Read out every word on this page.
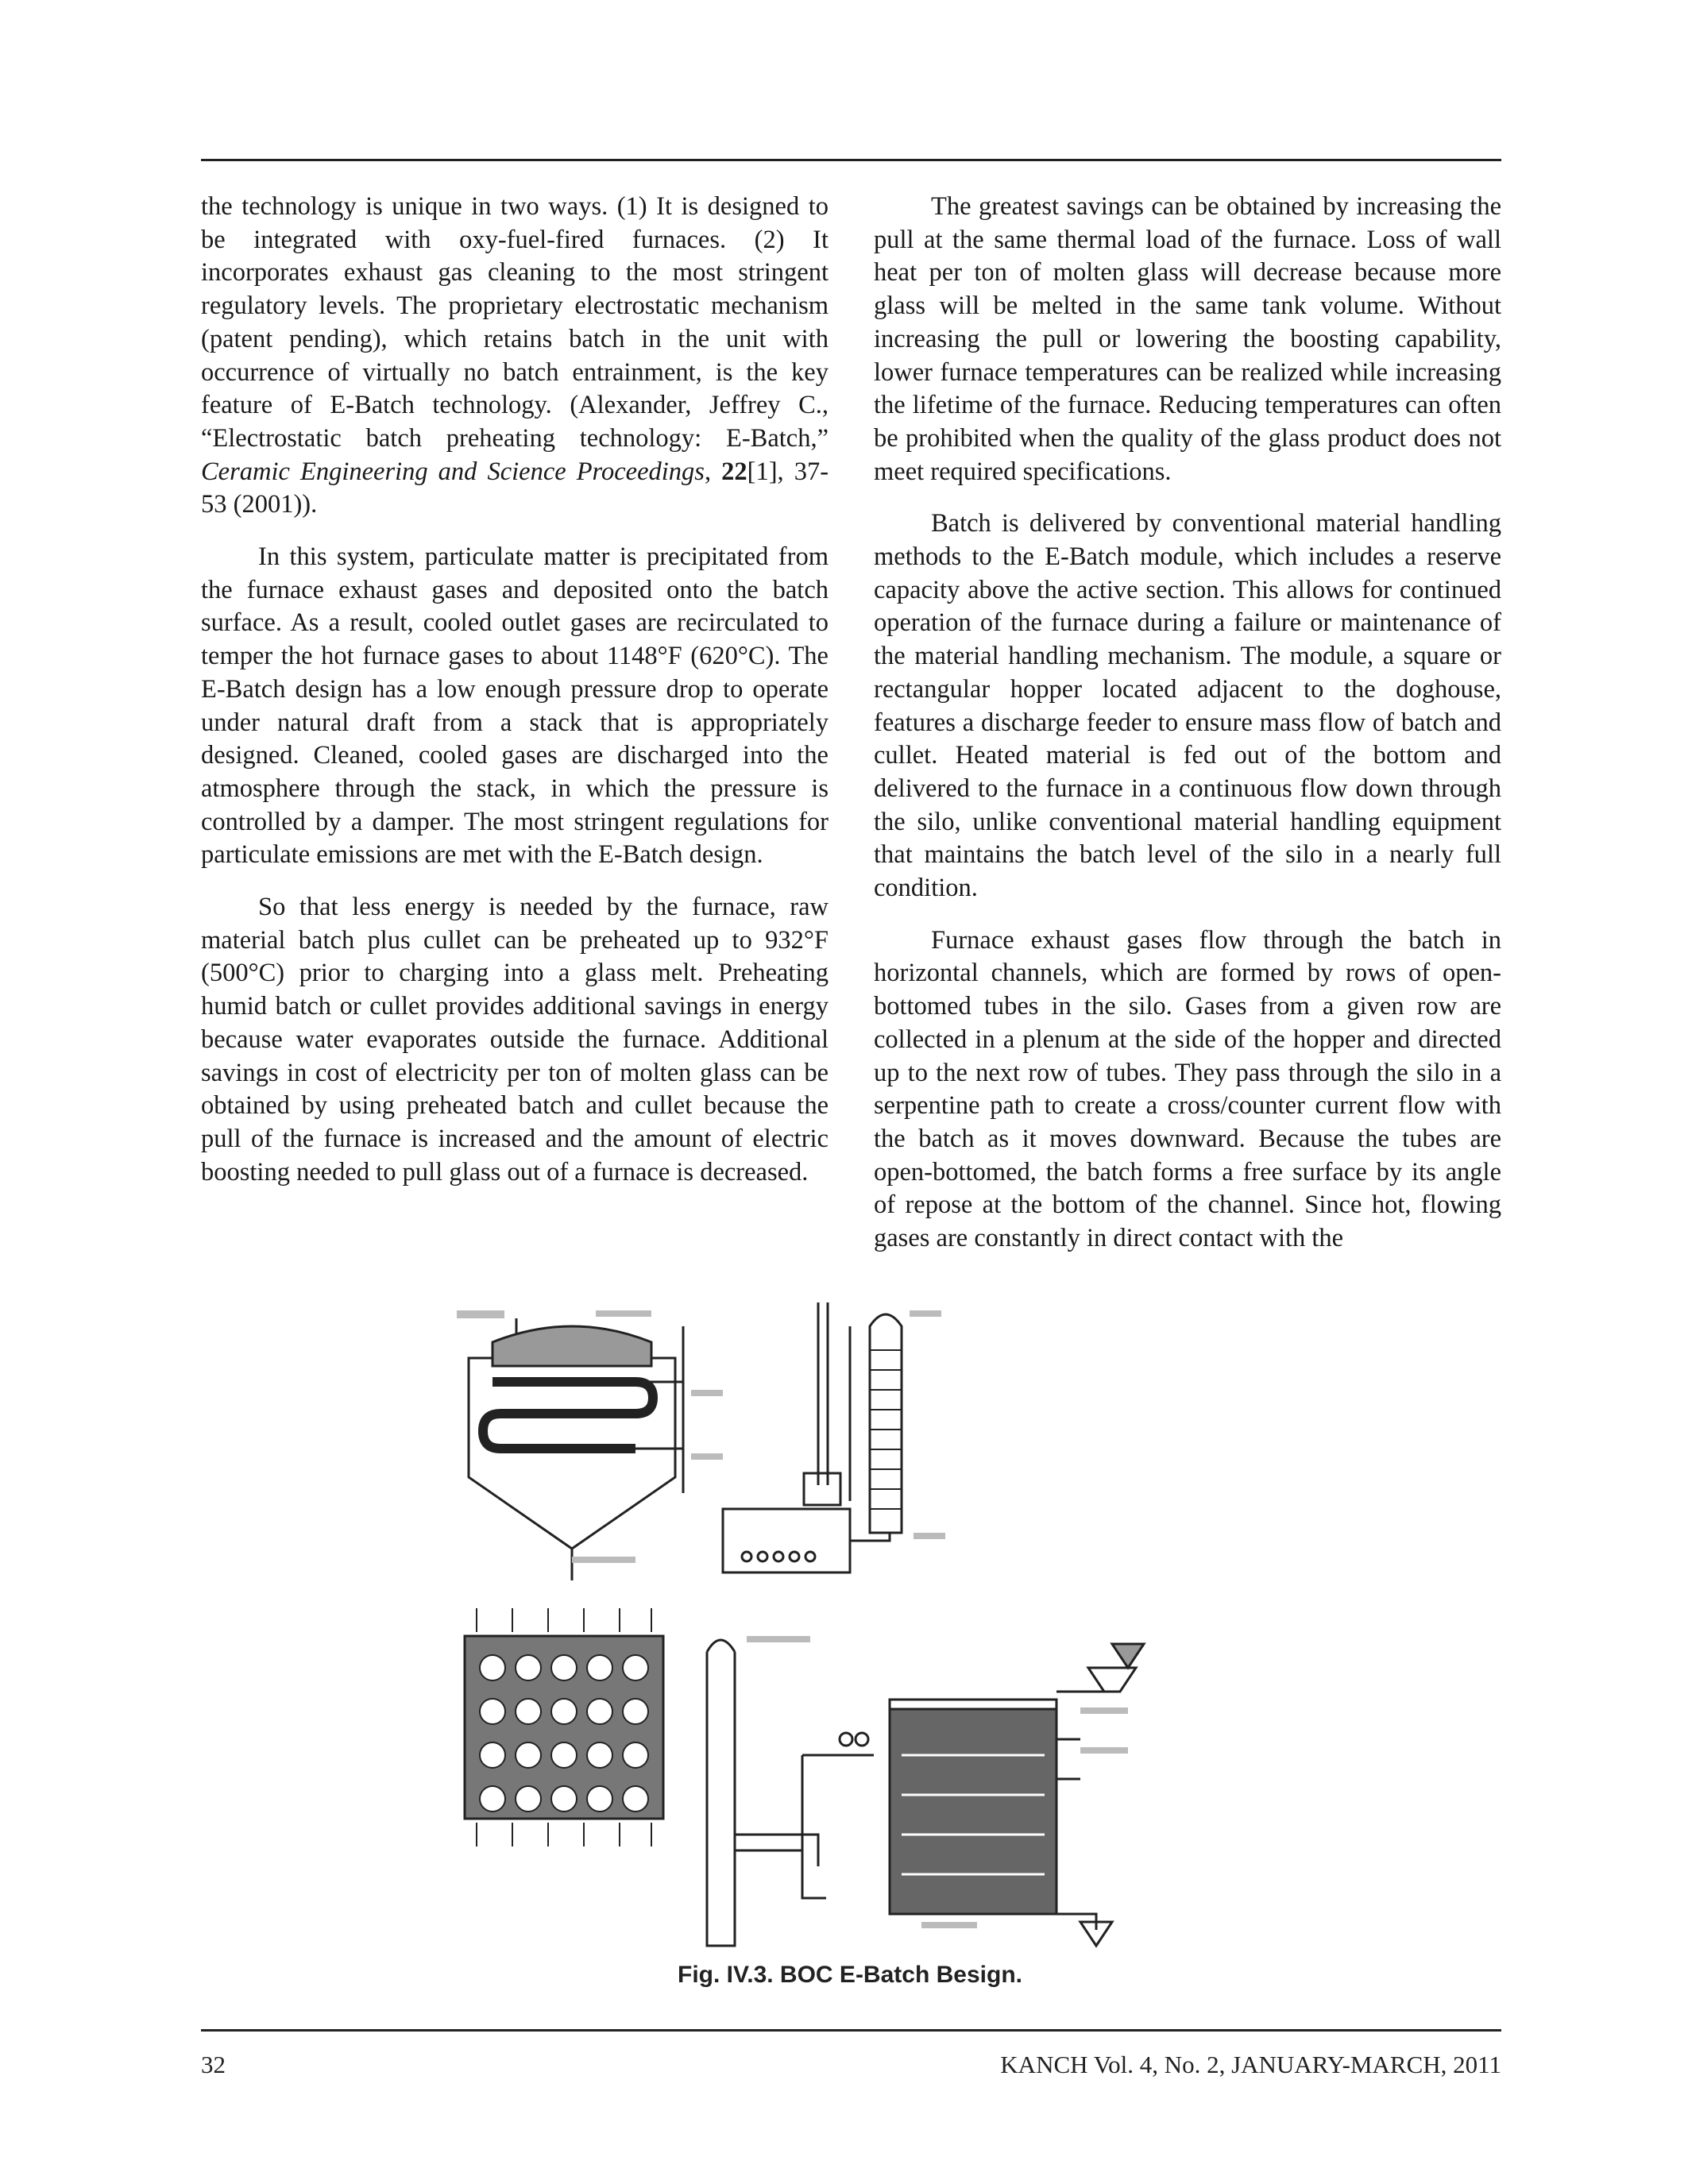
the technology is unique in two ways. (1) It is designed to be integrated with oxy-fuel-fired furnaces. (2) It incorporates exhaust gas cleaning to the most stringent regulatory levels. The proprietary electrostatic mechanism (patent pending), which retains batch in the unit with occurrence of virtually no batch entrainment, is the key feature of E-Batch technology. (Alexander, Jeffrey C., “Electrostatic batch preheating technology: E-Batch,” Ceramic Engineering and Science Proceedings, 22[1], 37-53 (2001)).

In this system, particulate matter is precipitated from the furnace exhaust gases and deposited onto the batch surface. As a result, cooled outlet gases are recirculated to temper the hot furnace gases to about 1148°F (620°C). The E-Batch design has a low enough pressure drop to operate under natural draft from a stack that is appropriately designed. Cleaned, cooled gases are discharged into the atmosphere through the stack, in which the pressure is controlled by a damper. The most stringent regulations for particulate emissions are met with the E-Batch design.

So that less energy is needed by the furnace, raw material batch plus cullet can be preheated up to 932°F (500°C) prior to charging into a glass melt. Preheating humid batch or cullet provides additional savings in energy because water evaporates outside the furnace. Additional savings in cost of electricity per ton of molten glass can be obtained by using preheated batch and cullet because the pull of the furnace is increased and the amount of electric boosting needed to pull glass out of a furnace is decreased.

The greatest savings can be obtained by increasing the pull at the same thermal load of the furnace. Loss of wall heat per ton of molten glass will decrease because more glass will be melted in the same tank volume. Without increasing the pull or lowering the boosting capability, lower furnace temperatures can be realized while increasing the lifetime of the furnace. Reducing temperatures can often be prohibited when the quality of the glass product does not meet required specifications.

Batch is delivered by conventional material handling methods to the E-Batch module, which includes a reserve capacity above the active section. This allows for continued operation of the furnace during a failure or maintenance of the material handling mechanism. The module, a square or rectangular hopper located adjacent to the doghouse, features a discharge feeder to ensure mass flow of batch and cullet. Heated material is fed out of the bottom and delivered to the furnace in a continuous flow down through the silo, unlike conventional material handling equipment that maintains the batch level of the silo in a nearly full condition.

Furnace exhaust gases flow through the batch in horizontal channels, which are formed by rows of open-bottomed tubes in the silo. Gases from a given row are collected in a plenum at the side of the hopper and directed up to the next row of tubes. They pass through the silo in a serpentine path to create a cross/counter current flow with the batch as it moves downward. Because the tubes are open-bottomed, the batch forms a free surface by its angle of repose at the bottom of the channel. Since hot, flowing gases are constantly in direct contact with the

Fig. IV.3. BOC E-Batch Besign.
32	KANCH Vol. 4, No. 2, JANUARY-MARCH, 2011
